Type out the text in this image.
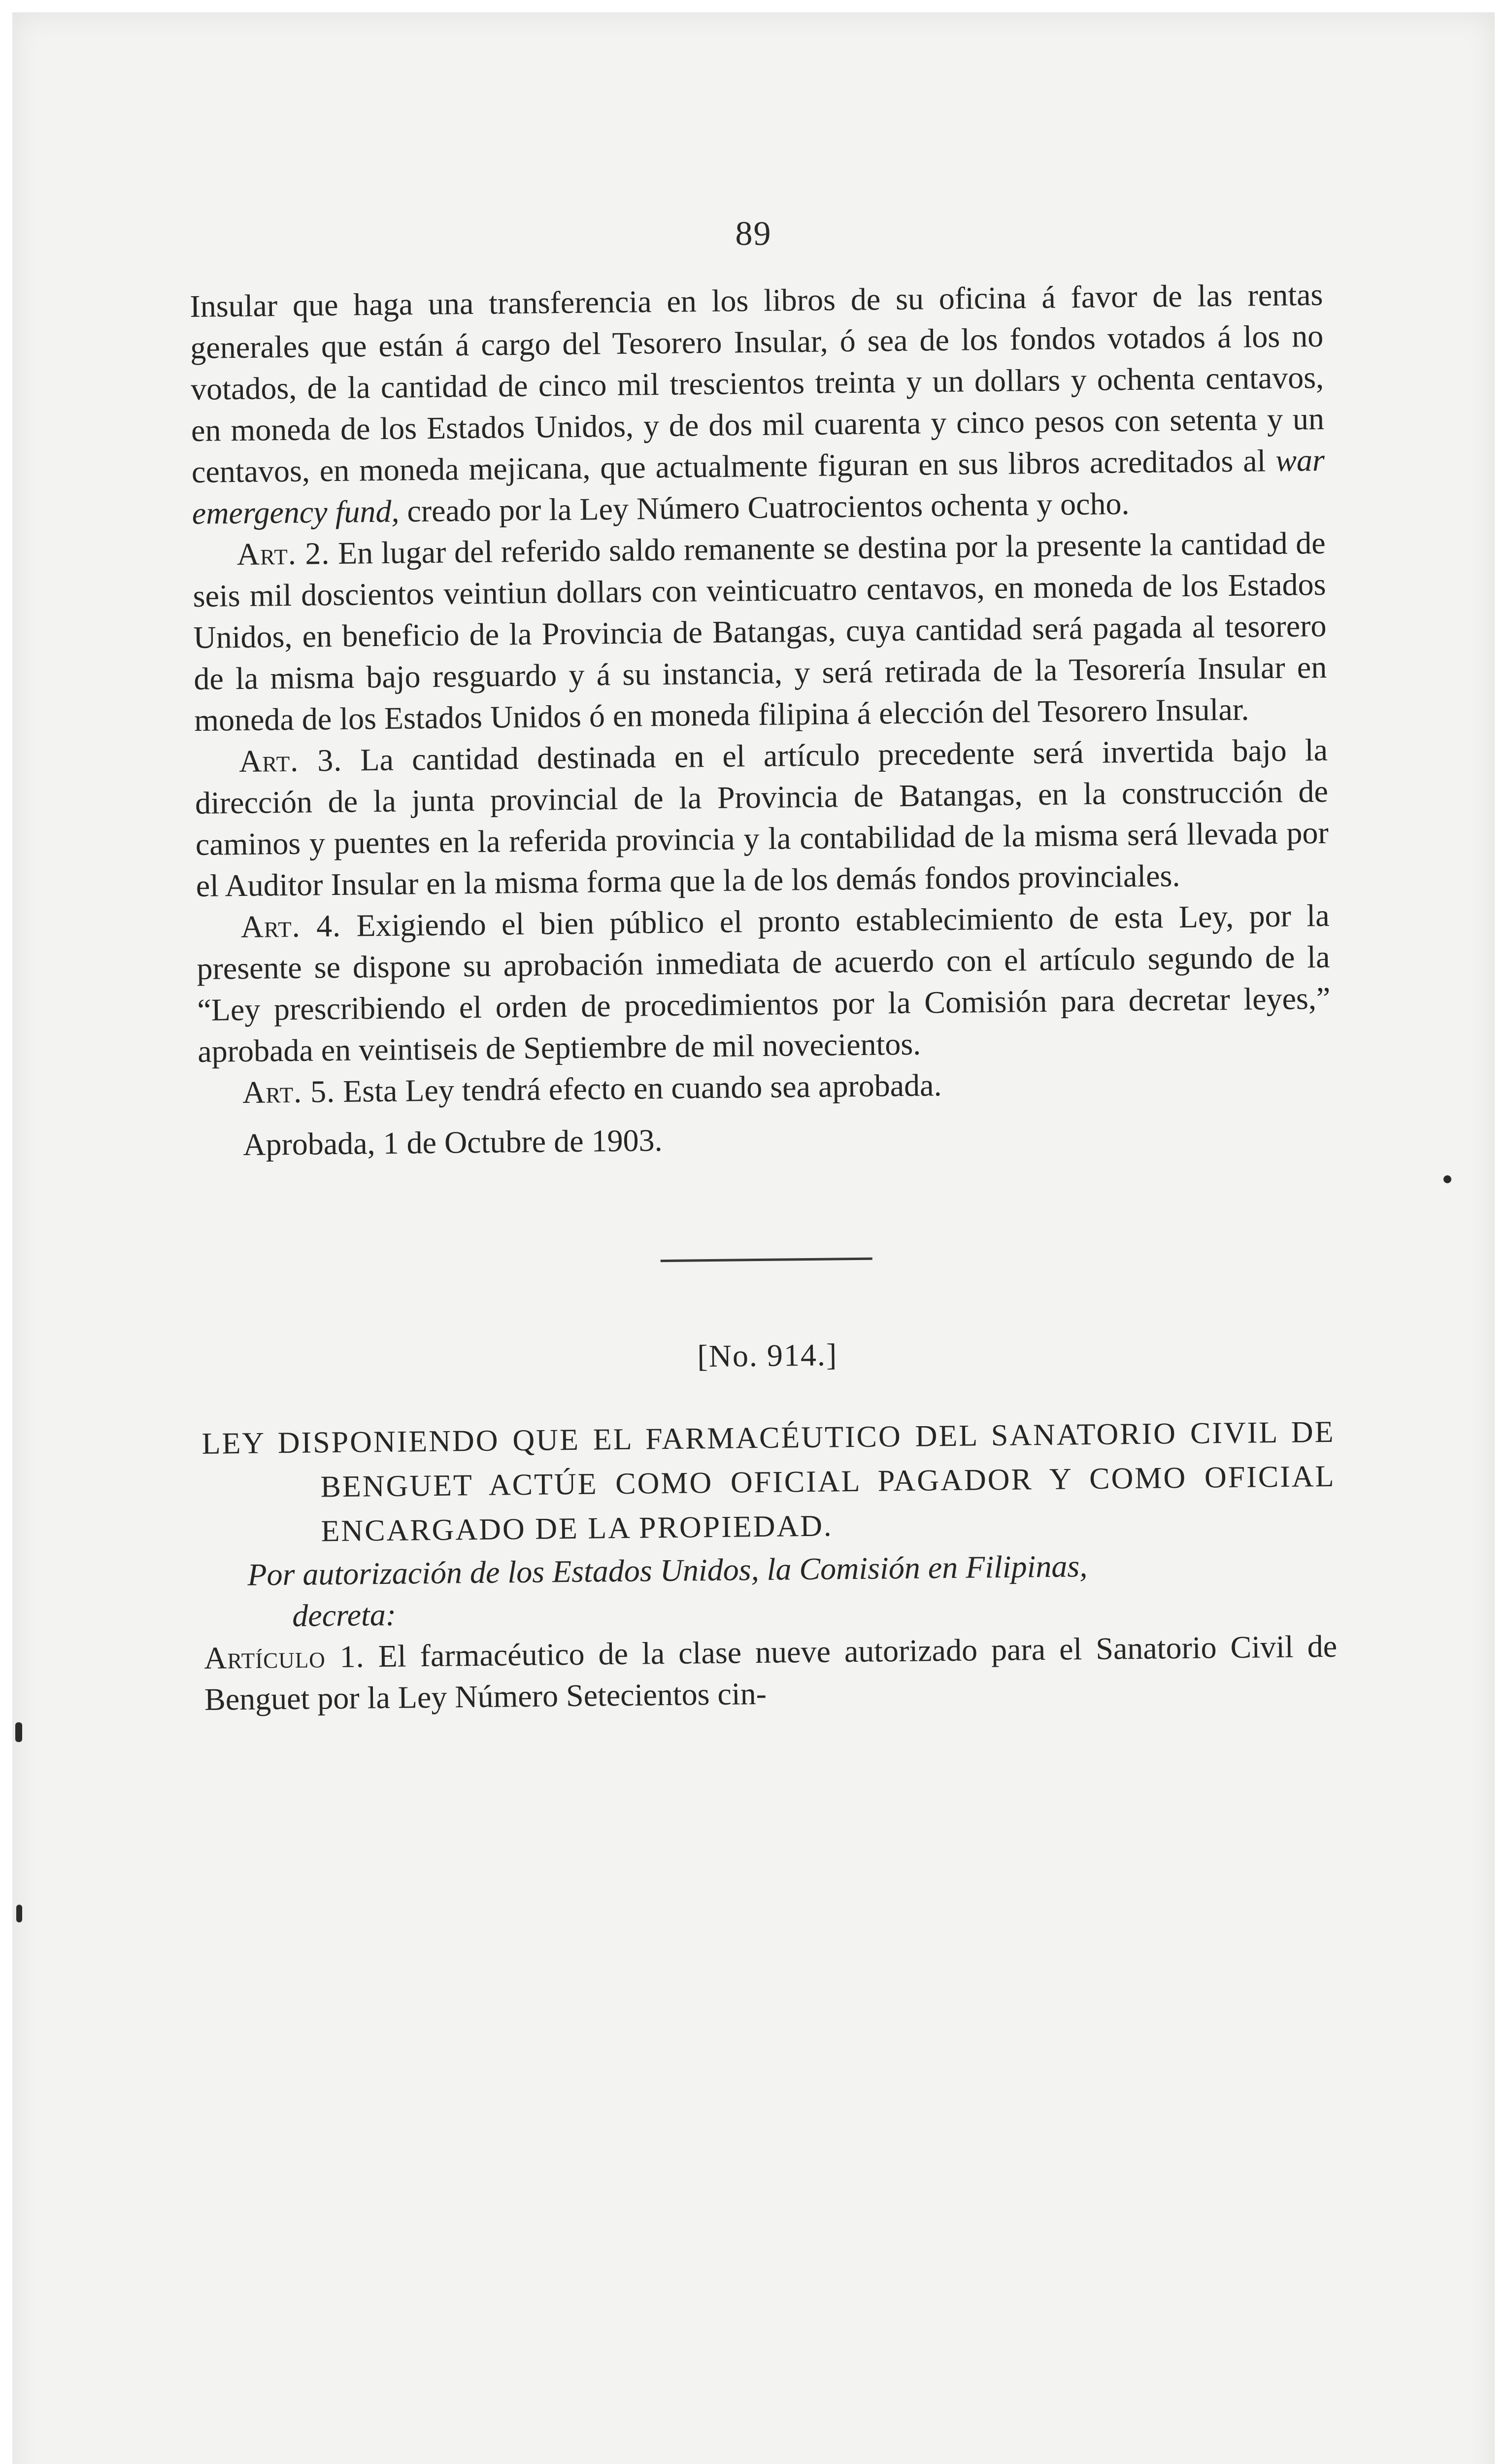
89

Insular que haga una transferencia en los libros de su oficina á favor de las rentas generales que están á cargo del Tesorero Insular, ó sea de los fondos votados á los no votados, de la cantidad de cinco mil trescientos treinta y un dollars y ochenta centavos, en moneda de los Estados Unidos, y de dos mil cuarenta y cinco pesos con setenta y un centavos, en moneda mejicana, que actualmente figuran en sus libros acreditados al war emergency fund, creado por la Ley Número Cuatrocientos ochenta y ocho.

Art. 2. En lugar del referido saldo remanente se destina por la presente la cantidad de seis mil doscientos veintiun dollars con veinticuatro centavos, en moneda de los Estados Unidos, en beneficio de la Provincia de Batangas, cuya cantidad será pagada al tesorero de la misma bajo resguardo y á su instancia, y será retirada de la Tesorería Insular en moneda de los Estados Unidos ó en moneda filipina á elección del Tesorero Insular.

Art. 3. La cantidad destinada en el artículo precedente será invertida bajo la dirección de la junta provincial de la Provincia de Batangas, en la construcción de caminos y puentes en la referida provincia y la contabilidad de la misma será llevada por el Auditor Insular en la misma forma que la de los demás fondos provinciales.

Art. 4. Exigiendo el bien público el pronto establecimiento de esta Ley, por la presente se dispone su aprobación inmediata de acuerdo con el artículo segundo de la “Ley prescribiendo el orden de procedimientos por la Comisión para decretar leyes,” aprobada en veintiseis de Septiembre de mil novecientos.

Art. 5. Esta Ley tendrá efecto en cuando sea aprobada.

Aprobada, 1 de Octubre de 1903.

[No. 914.]
LEY DISPONIENDO QUE EL FARMACÉUTICO DEL SANATORIO CIVIL DE BENGUET ACTÚE COMO OFICIAL PAGADOR Y COMO OFICIAL ENCARGADO DE LA PROPIEDAD.

Por autorización de los Estados Unidos, la Comisión en Filipinas,
decreta:

Artículo 1. El farmacéutico de la clase nueve autorizado para el Sanatorio Civil de Benguet por la Ley Número Setecientos cin-
